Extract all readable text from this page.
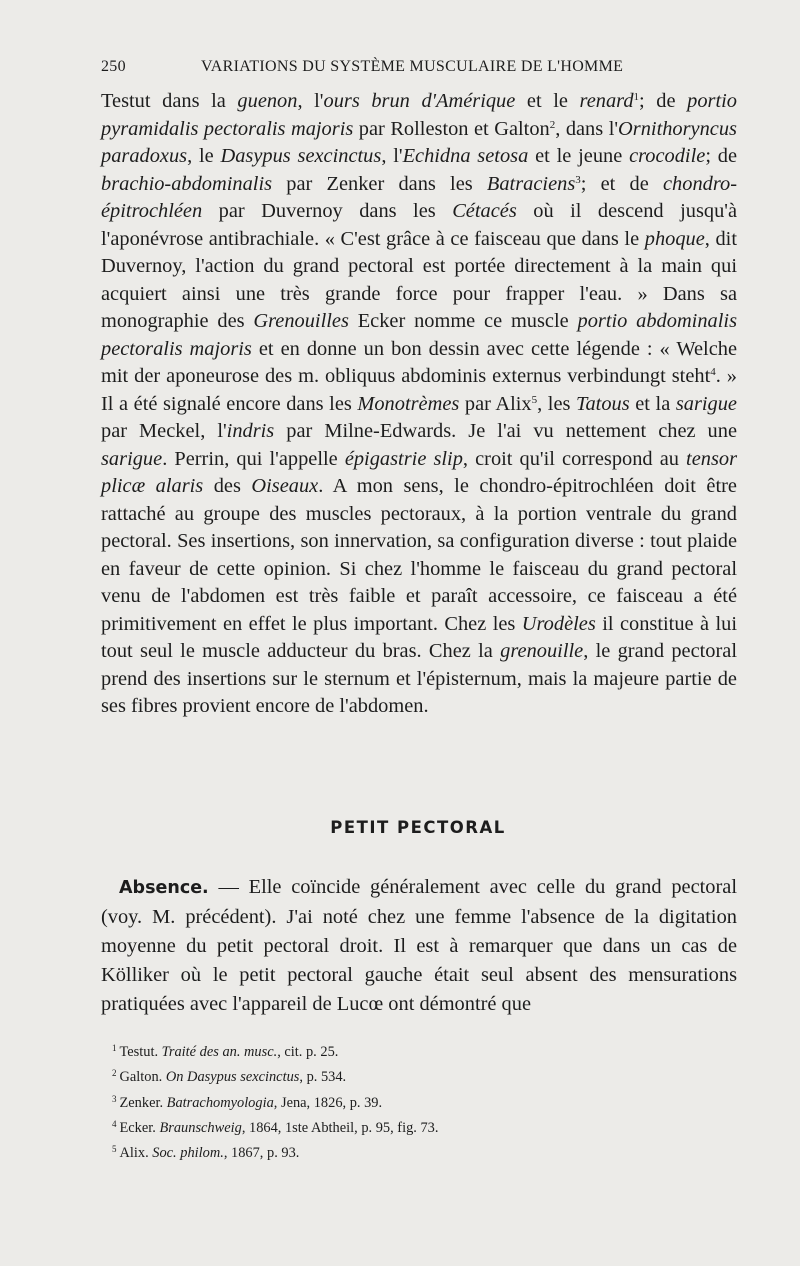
250	VARIATIONS DU SYSTÈME MUSCULAIRE DE L'HOMME

Testut dans la guenon, l'ours brun d'Amérique et le renard$^1$; de portio pyramidalis pectoralis majoris par Rolleston et Galton$^2$, dans l'Ornithoryncus paradoxus, le Dasypus sexcinctus, l'Echidna setosa et le jeune crocodile; de brachio-abdominalis par Zenker dans les Batraciens$^3$; et de chondro-épitrochléen par Duvernoy dans les Cétacés où il descend jusqu'à l'aponévrose antibrachiale. « C'est grâce à ce faisceau que dans le phoque, dit Duvernoy, l'action du grand pectoral est portée directement à la main qui acquiert ainsi une très grande force pour frapper l'eau. » Dans sa monographie des Grenouilles Ecker nomme ce muscle portio abdominalis pectoralis majoris et en donne un bon dessin avec cette légende : « Welche mit der aponeurose des m. obliquus abdominis externus verbindungt steht$^4$. » Il a été signalé encore dans les Monotrèmes par Alix$^5$, les Tatous et la sarigue par Meckel, l'indris par Milne-Edwards. Je l'ai vu nettement chez une sarigue. Perrin, qui l'appelle épigastrie slip, croit qu'il correspond au tensor plicæ alaris des Oiseaux. A mon sens, le chondro-épitrochléen doit être rattaché au groupe des muscles pectoraux, à la portion ventrale du grand pectoral. Ses insertions, son innervation, sa configuration diverse : tout plaide en faveur de cette opinion. Si chez l'homme le faisceau du grand pectoral venu de l'abdomen est très faible et paraît accessoire, ce faisceau a été primitivement en effet le plus important. Chez les Urodèles il constitue à lui tout seul le muscle adducteur du bras. Chez la grenouille, le grand pectoral prend des insertions sur le sternum et l'épisternum, mais la majeure partie de ses fibres provient encore de l'abdomen.

PETIT PECTORAL

Absence. — Elle coïncide généralement avec celle du grand pectoral (voy. M. précédent). J'ai noté chez une femme l'absence de la digitation moyenne du petit pectoral droit. Il est à remarquer que dans un cas de Kölliker où le petit pectoral gauche était seul absent des mensurations pratiquées avec l'appareil de Lucœ ont démontré que

$^1$ Testut. Traité des an. musc., cit. p. 25.
$^2$ Galton. On Dasypus sexcinctus, p. 534.
$^3$ Zenker. Batrachomyologia, Jena, 1826, p. 39.
$^4$ Ecker. Braunschweig, 1864, 1ste Abtheil, p. 95, fig. 73.
$^5$ Alix. Soc. philom., 1867, p. 93.
